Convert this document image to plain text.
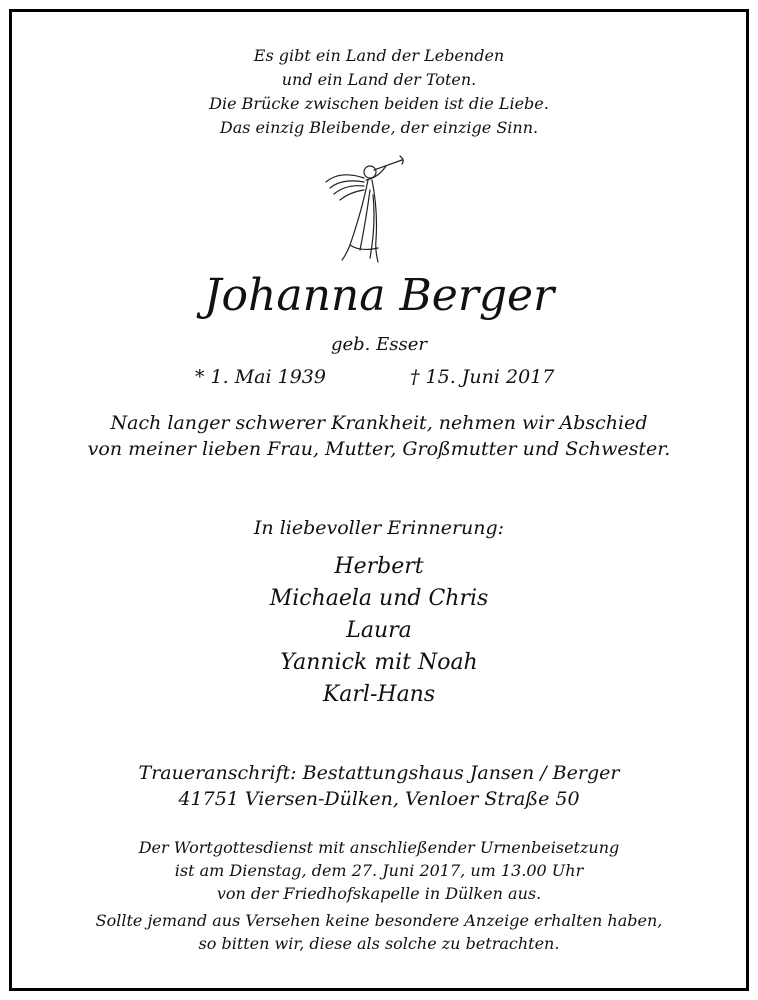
Es gibt ein Land der Lebenden
und ein Land der Toten.
Die Brücke zwischen beiden ist die Liebe.
Das einzig Bleibende, der einzige Sinn.
Johanna Berger
geb. Esser
* 1. Mai 1939	† 15. Juni 2017
Nach langer schwerer Krankheit, nehmen wir Abschied
von meiner lieben Frau, Mutter, Großmutter und Schwester.
In liebevoller Erinnerung:
Herbert
Michaela und Chris
Laura
Yannick mit Noah
Karl-Hans
Traueranschrift: Bestattungshaus Jansen / Berger
41751 Viersen-Dülken, Venloer Straße 50
Der Wortgottesdienst mit anschließender Urnenbeisetzung
ist am Dienstag, dem 27. Juni 2017, um 13.00 Uhr
von der Friedhofskapelle in Dülken aus.
Sollte jemand aus Versehen keine besondere Anzeige erhalten haben,
so bitten wir, diese als solche zu betrachten.
